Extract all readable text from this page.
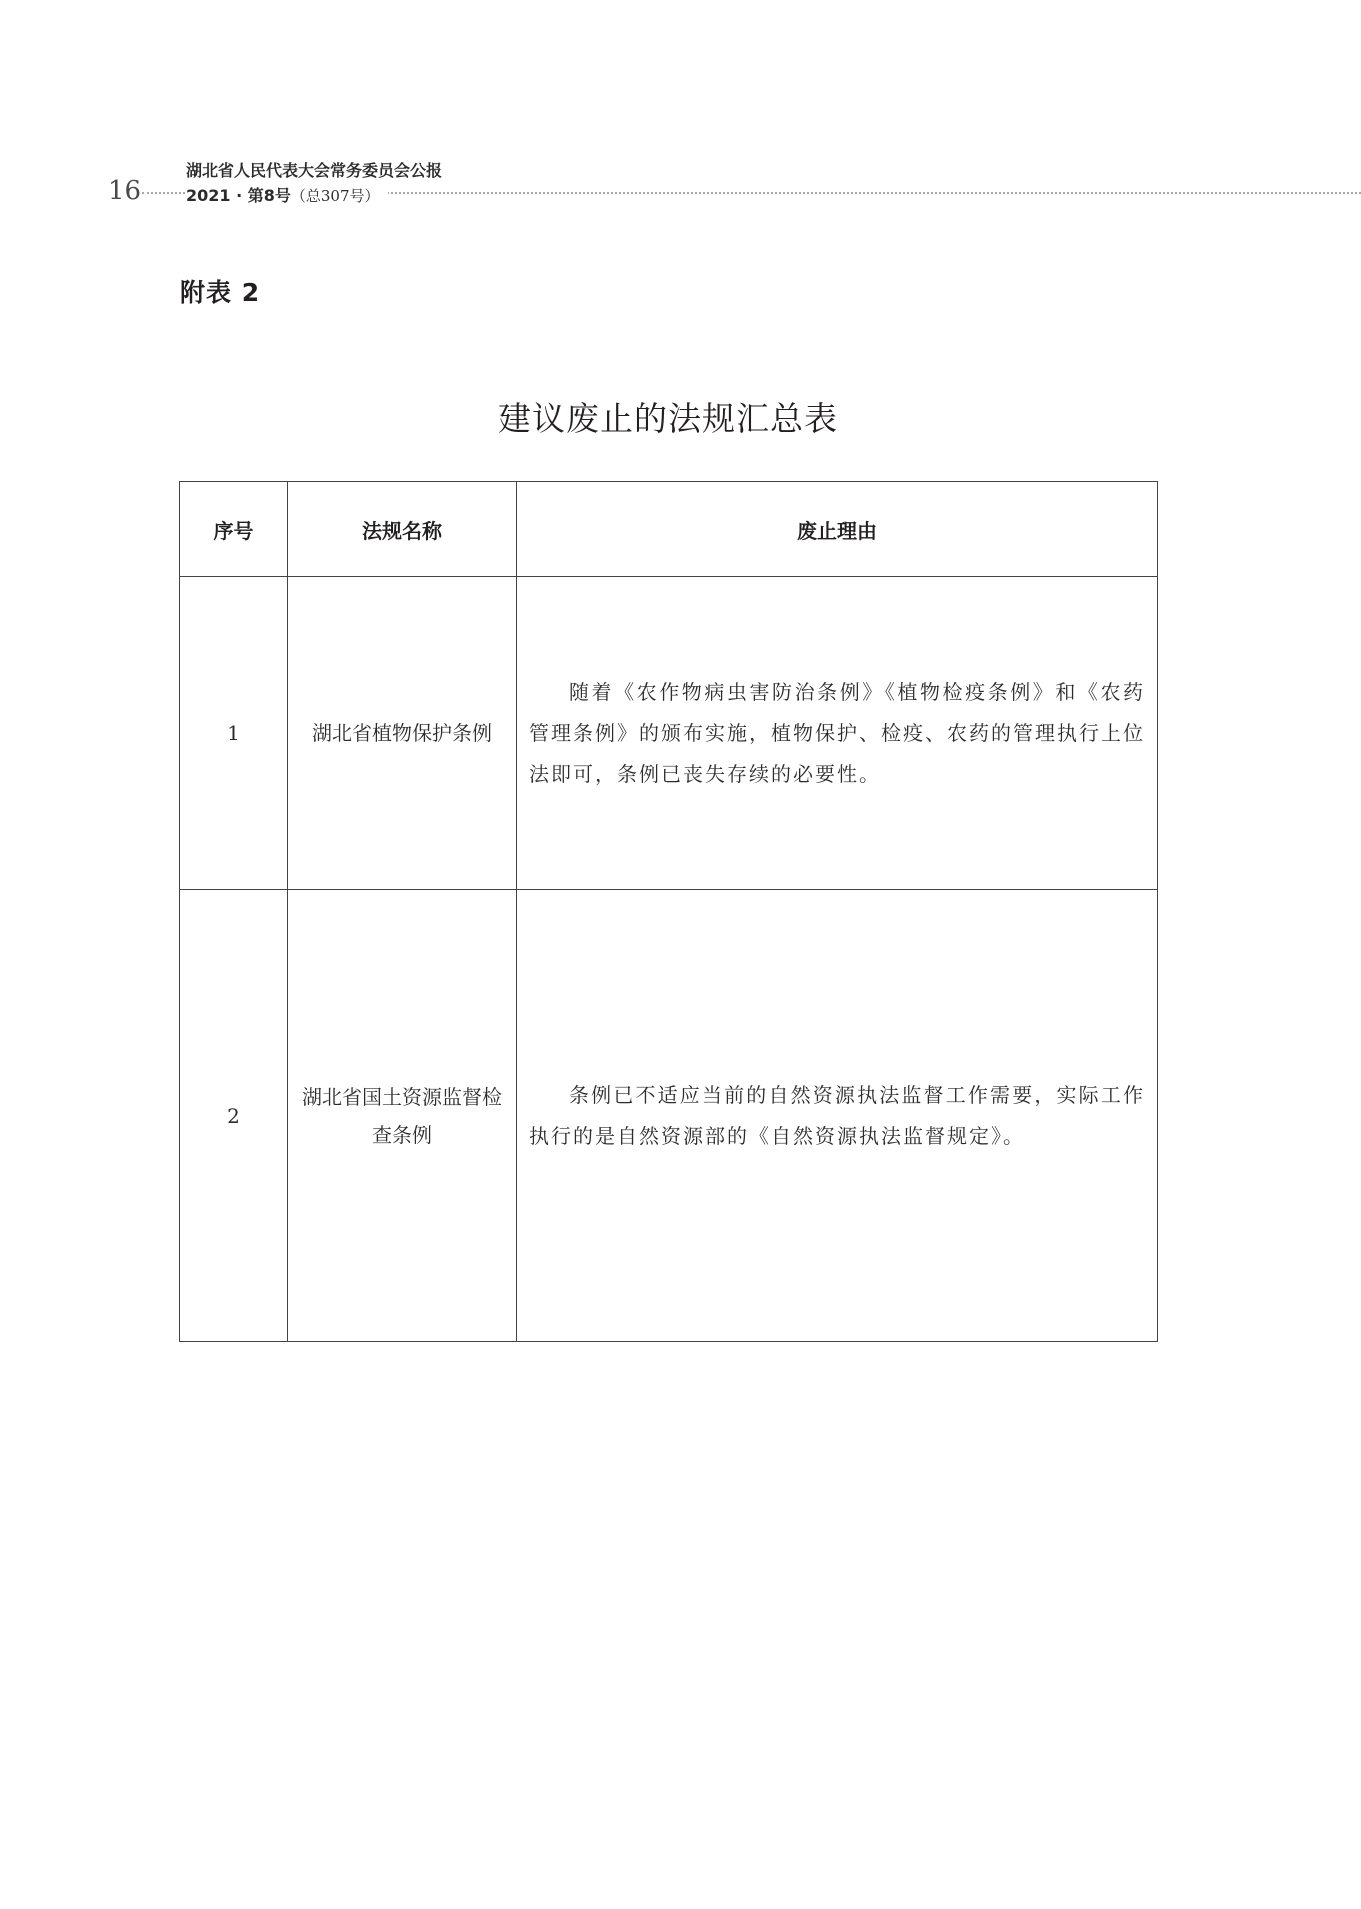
16
湖北省人民代表大会常务委员会公报
2021 · 第8号（总307号）
附表 2
建议废止的法规汇总表
序号	法规名称	废止理由
1	湖北省植物保护条例	随着《农作物病虫害防治条例》《植物检疫条例》和《农药管理条例》的颁布实施，植物保护、检疫、农药的管理执行上位法即可，条例已丧失存续的必要性。
2	湖北省国土资源监督检查条例	条例已不适应当前的自然资源执法监督工作需要，实际工作执行的是自然资源部的《自然资源执法监督规定》。
